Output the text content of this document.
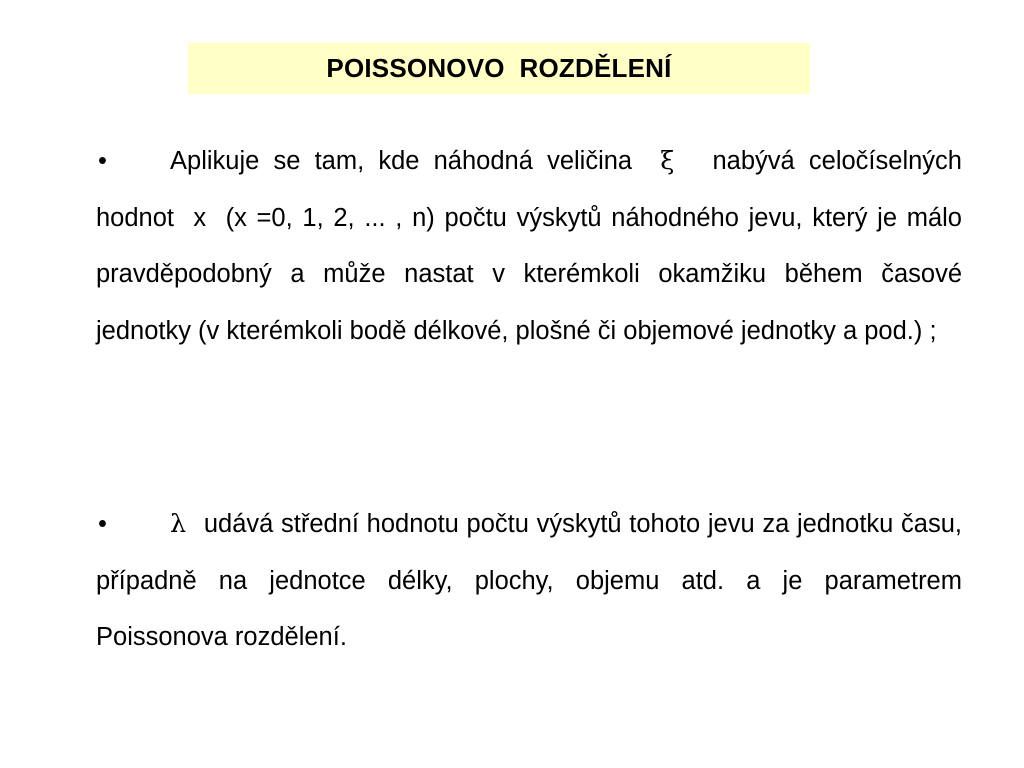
POISSONOVO  ROZDĚLENÍ
• Aplikuje se tam, kde náhodná veličina ξ nabývá celočíselných hodnot  x  (x =0, 1, 2, ... , n) počtu výskytů náhodného jevu, který je málo pravděpodobný a může nastat v kterémkoli okamžiku během časové jednotky (v kterémkoli bodě délkové, plošné či objemové jednotky a pod.) ;
• λ udává střední hodnotu počtu výskytů tohoto jevu za jednotku času, případně na jednotce délky, plochy, objemu atd. a je parametrem Poissonova rozdělení.
